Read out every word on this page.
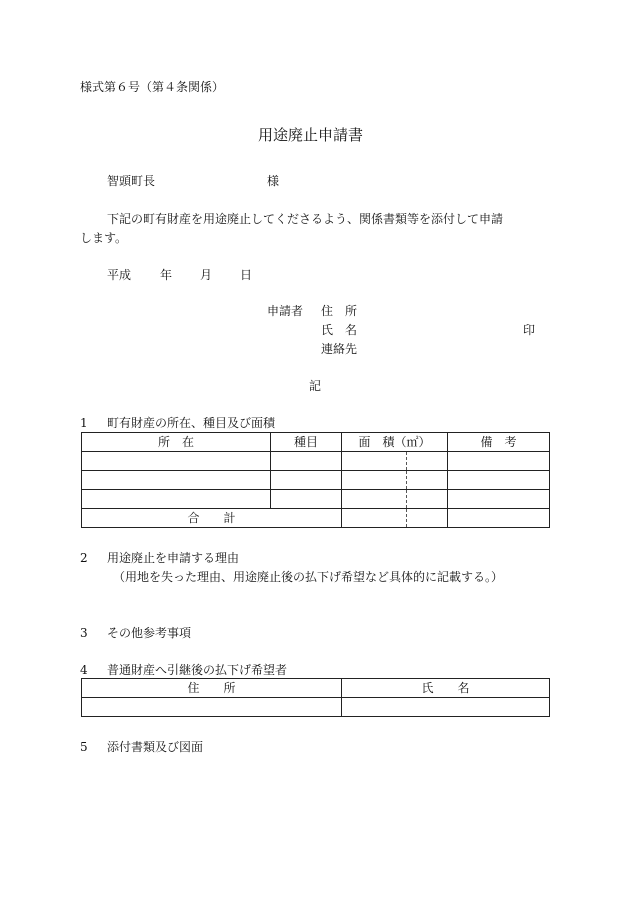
様式第６号（第４条関係）
用途廃止申請書
智頭町長	様
下記の町有財産を用途廃止してくださるよう、関係書類等を添付して申請
します。
平成 年 月 日
申請者 住　所
氏　名	印
連絡先
記
1 町有財産の所在、種目及び面積
所　在	種目	面　積（㎡）		備　考

合　　計				
2 用途廃止を申請する理由
（用地を失った理由、用途廃止後の払下げ希望など具体的に記載する。）
3 その他参考事項
4 普通財産へ引継後の払下げ希望者
住　　所	氏　　名

5 添付書類及び図面
